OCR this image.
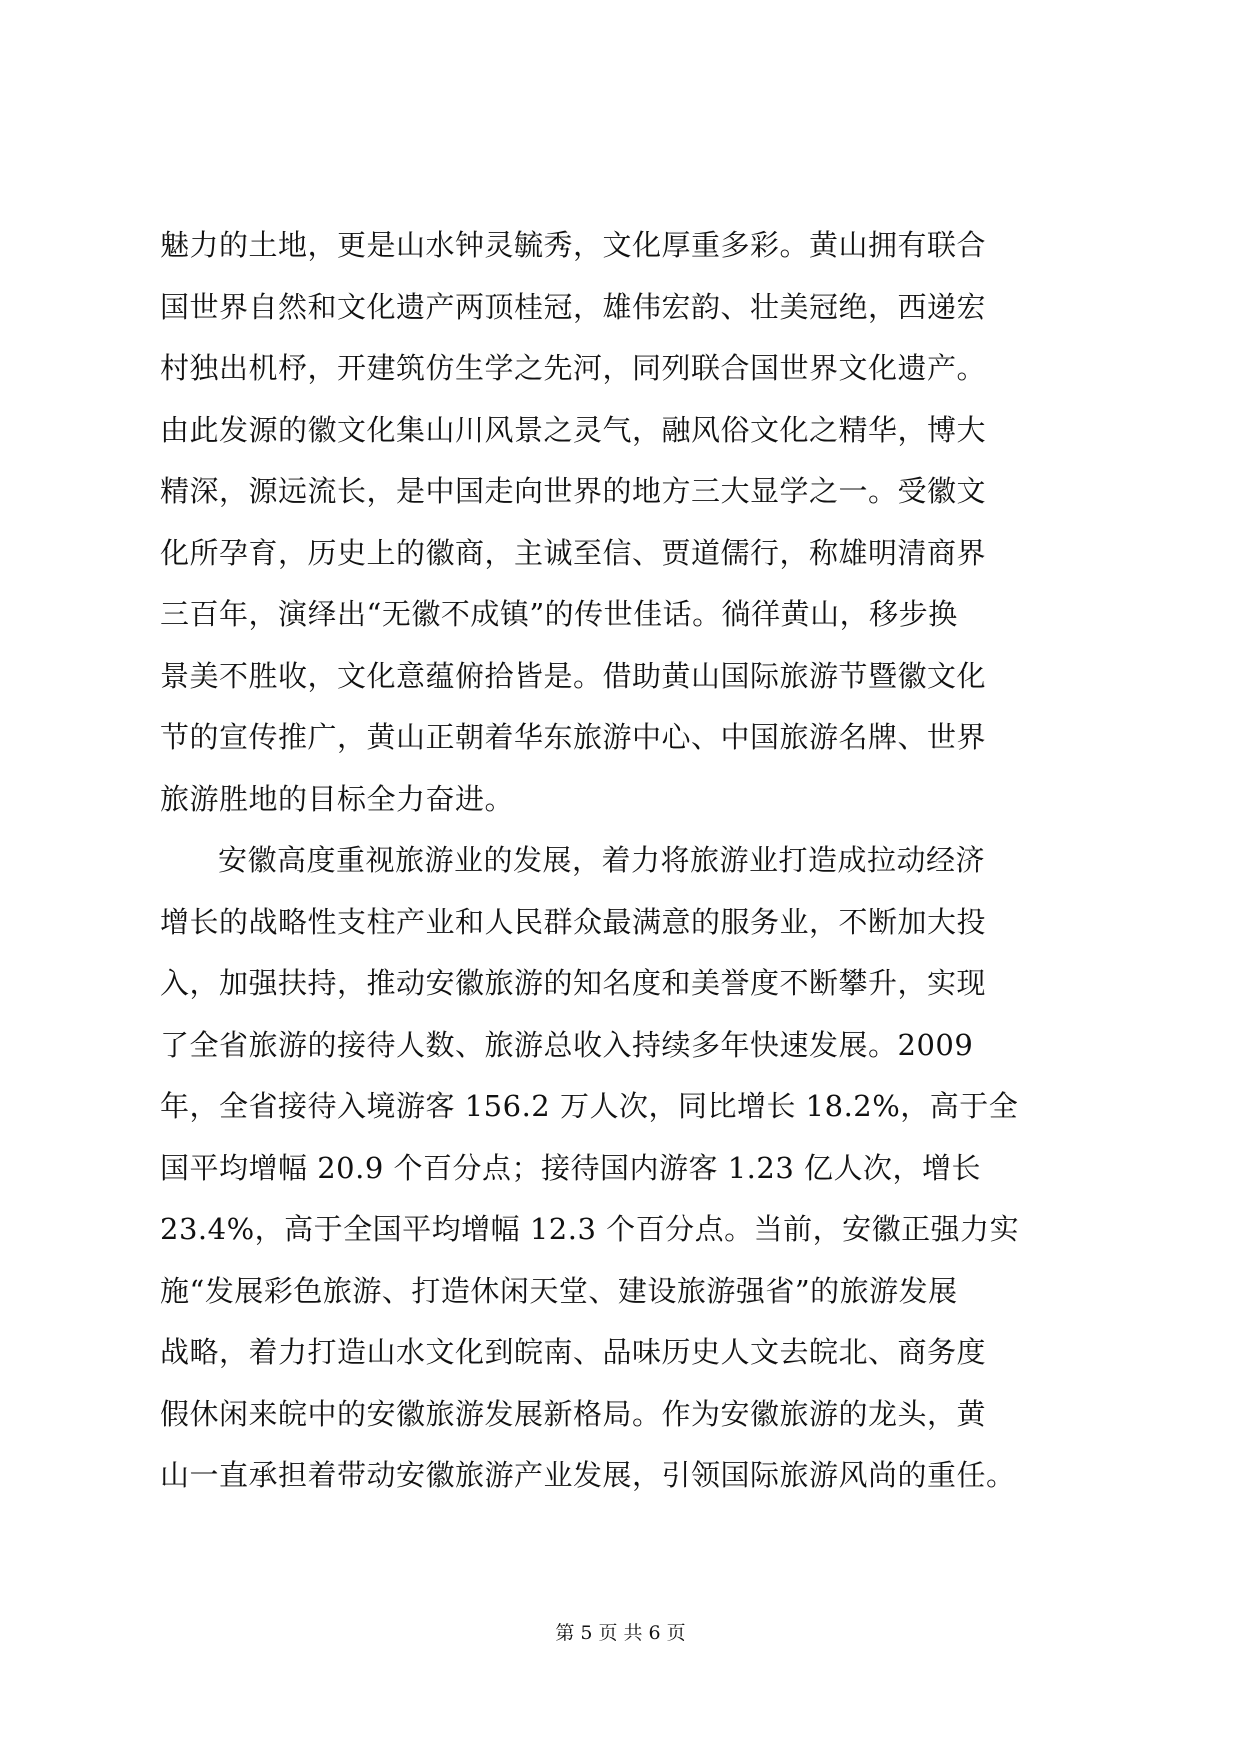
魅力的土地，更是山水钟灵毓秀，文化厚重多彩。黄山拥有联合
国世界自然和文化遗产两顶桂冠，雄伟宏韵、壮美冠绝，西递宏
村独出机杼，开建筑仿生学之先河，同列联合国世界文化遗产。
由此发源的徽文化集山川风景之灵气，融风俗文化之精华，博大
精深，源远流长，是中国走向世界的地方三大显学之一。受徽文
化所孕育，历史上的徽商，主诚至信、贾道儒行，称雄明清商界
三百年，演绎出“无徽不成镇”的传世佳话。徜徉黄山，移步换
景美不胜收，文化意蕴俯拾皆是。借助黄山国际旅游节暨徽文化
节的宣传推广，黄山正朝着华东旅游中心、中国旅游名牌、世界
旅游胜地的目标全力奋进。
安徽高度重视旅游业的发展，着力将旅游业打造成拉动经济
增长的战略性支柱产业和人民群众最满意的服务业，不断加大投
入，加强扶持，推动安徽旅游的知名度和美誉度不断攀升，实现
了全省旅游的接待人数、旅游总收入持续多年快速发展。2009
年，全省接待入境游客 156.2 万人次，同比增长 18.2%，高于全
国平均增幅 20.9 个百分点；接待国内游客 1.23 亿人次，增长
23.4%，高于全国平均增幅 12.3 个百分点。当前，安徽正强力实
施“发展彩色旅游、打造休闲天堂、建设旅游强省”的旅游发展
战略，着力打造山水文化到皖南、品味历史人文去皖北、商务度
假休闲来皖中的安徽旅游发展新格局。作为安徽旅游的龙头，黄
山一直承担着带动安徽旅游产业发展，引领国际旅游风尚的重任。
第 5 页 共 6 页
